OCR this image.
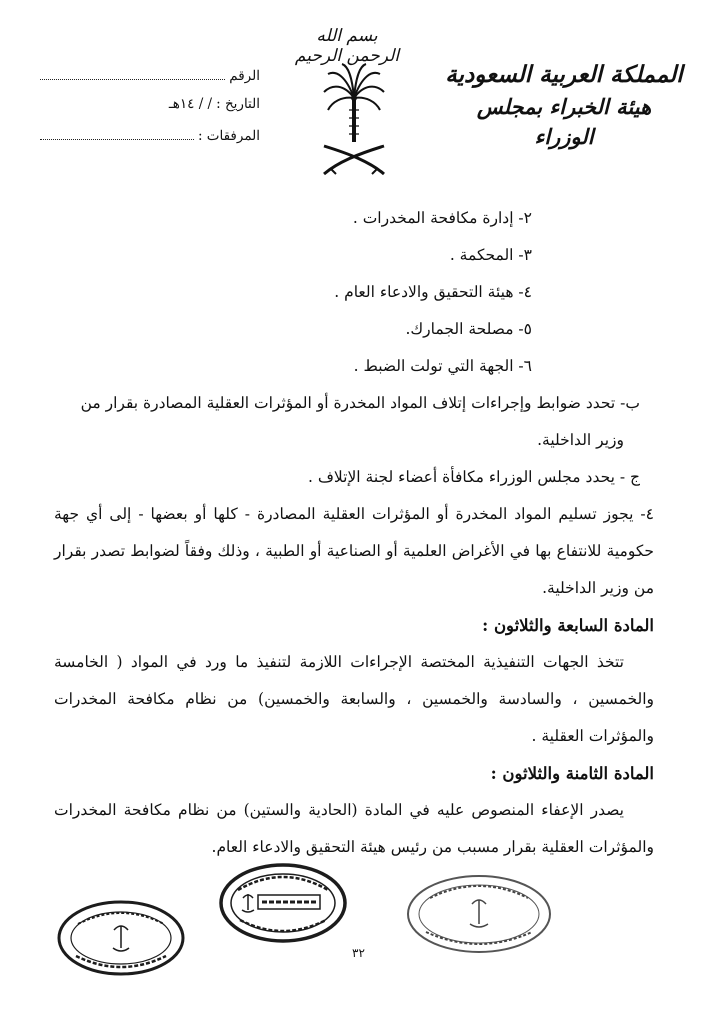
بسم الله الرحمن الرحيم
المملكة العربية السعودية
هيئة الخبراء بمجلس الوزراء
الرقم
التاريخ :
/ / ١٤هـ
المرفقات :

٢- إدارة مكافحة المخدرات .

٣- المحكمة .

٤- هيئة التحقيق والادعاء العام .

٥- مصلحة الجمارك.

٦- الجهة التي تولت الضبط .

ب- تحدد ضوابط وإجراءات إتلاف المواد المخدرة أو المؤثرات العقلية المصادرة بقرار من

وزير الداخلية.

ج - يحدد مجلس الوزراء مكافأة أعضاء لجنة الإتلاف .

٤- يجوز تسليم المواد المخدرة أو المؤثرات العقلية المصادرة - كلها أو بعضها - إلى أي جهة حكومية للانتفاع بها في الأغراض العلمية أو الصناعية أو الطبية ، وذلك وفقاً لضوابط تصدر بقرار من وزير الداخلية.

المادة السابعة والثلاثون :

تتخذ الجهات التنفيذية المختصة الإجراءات اللازمة لتنفيذ ما ورد في المواد ( الخامسة والخمسين ، والسادسة والخمسين ، والسابعة والخمسين) من نظام مكافحة المخدرات والمؤثرات العقلية .

المادة الثامنة والثلاثون :

يصدر الإعفاء المنصوص عليه في المادة (الحادية والستين) من نظام مكافحة المخدرات والمؤثرات العقلية بقرار مسبب من رئيس هيئة التحقيق والادعاء العام.

٣٢
